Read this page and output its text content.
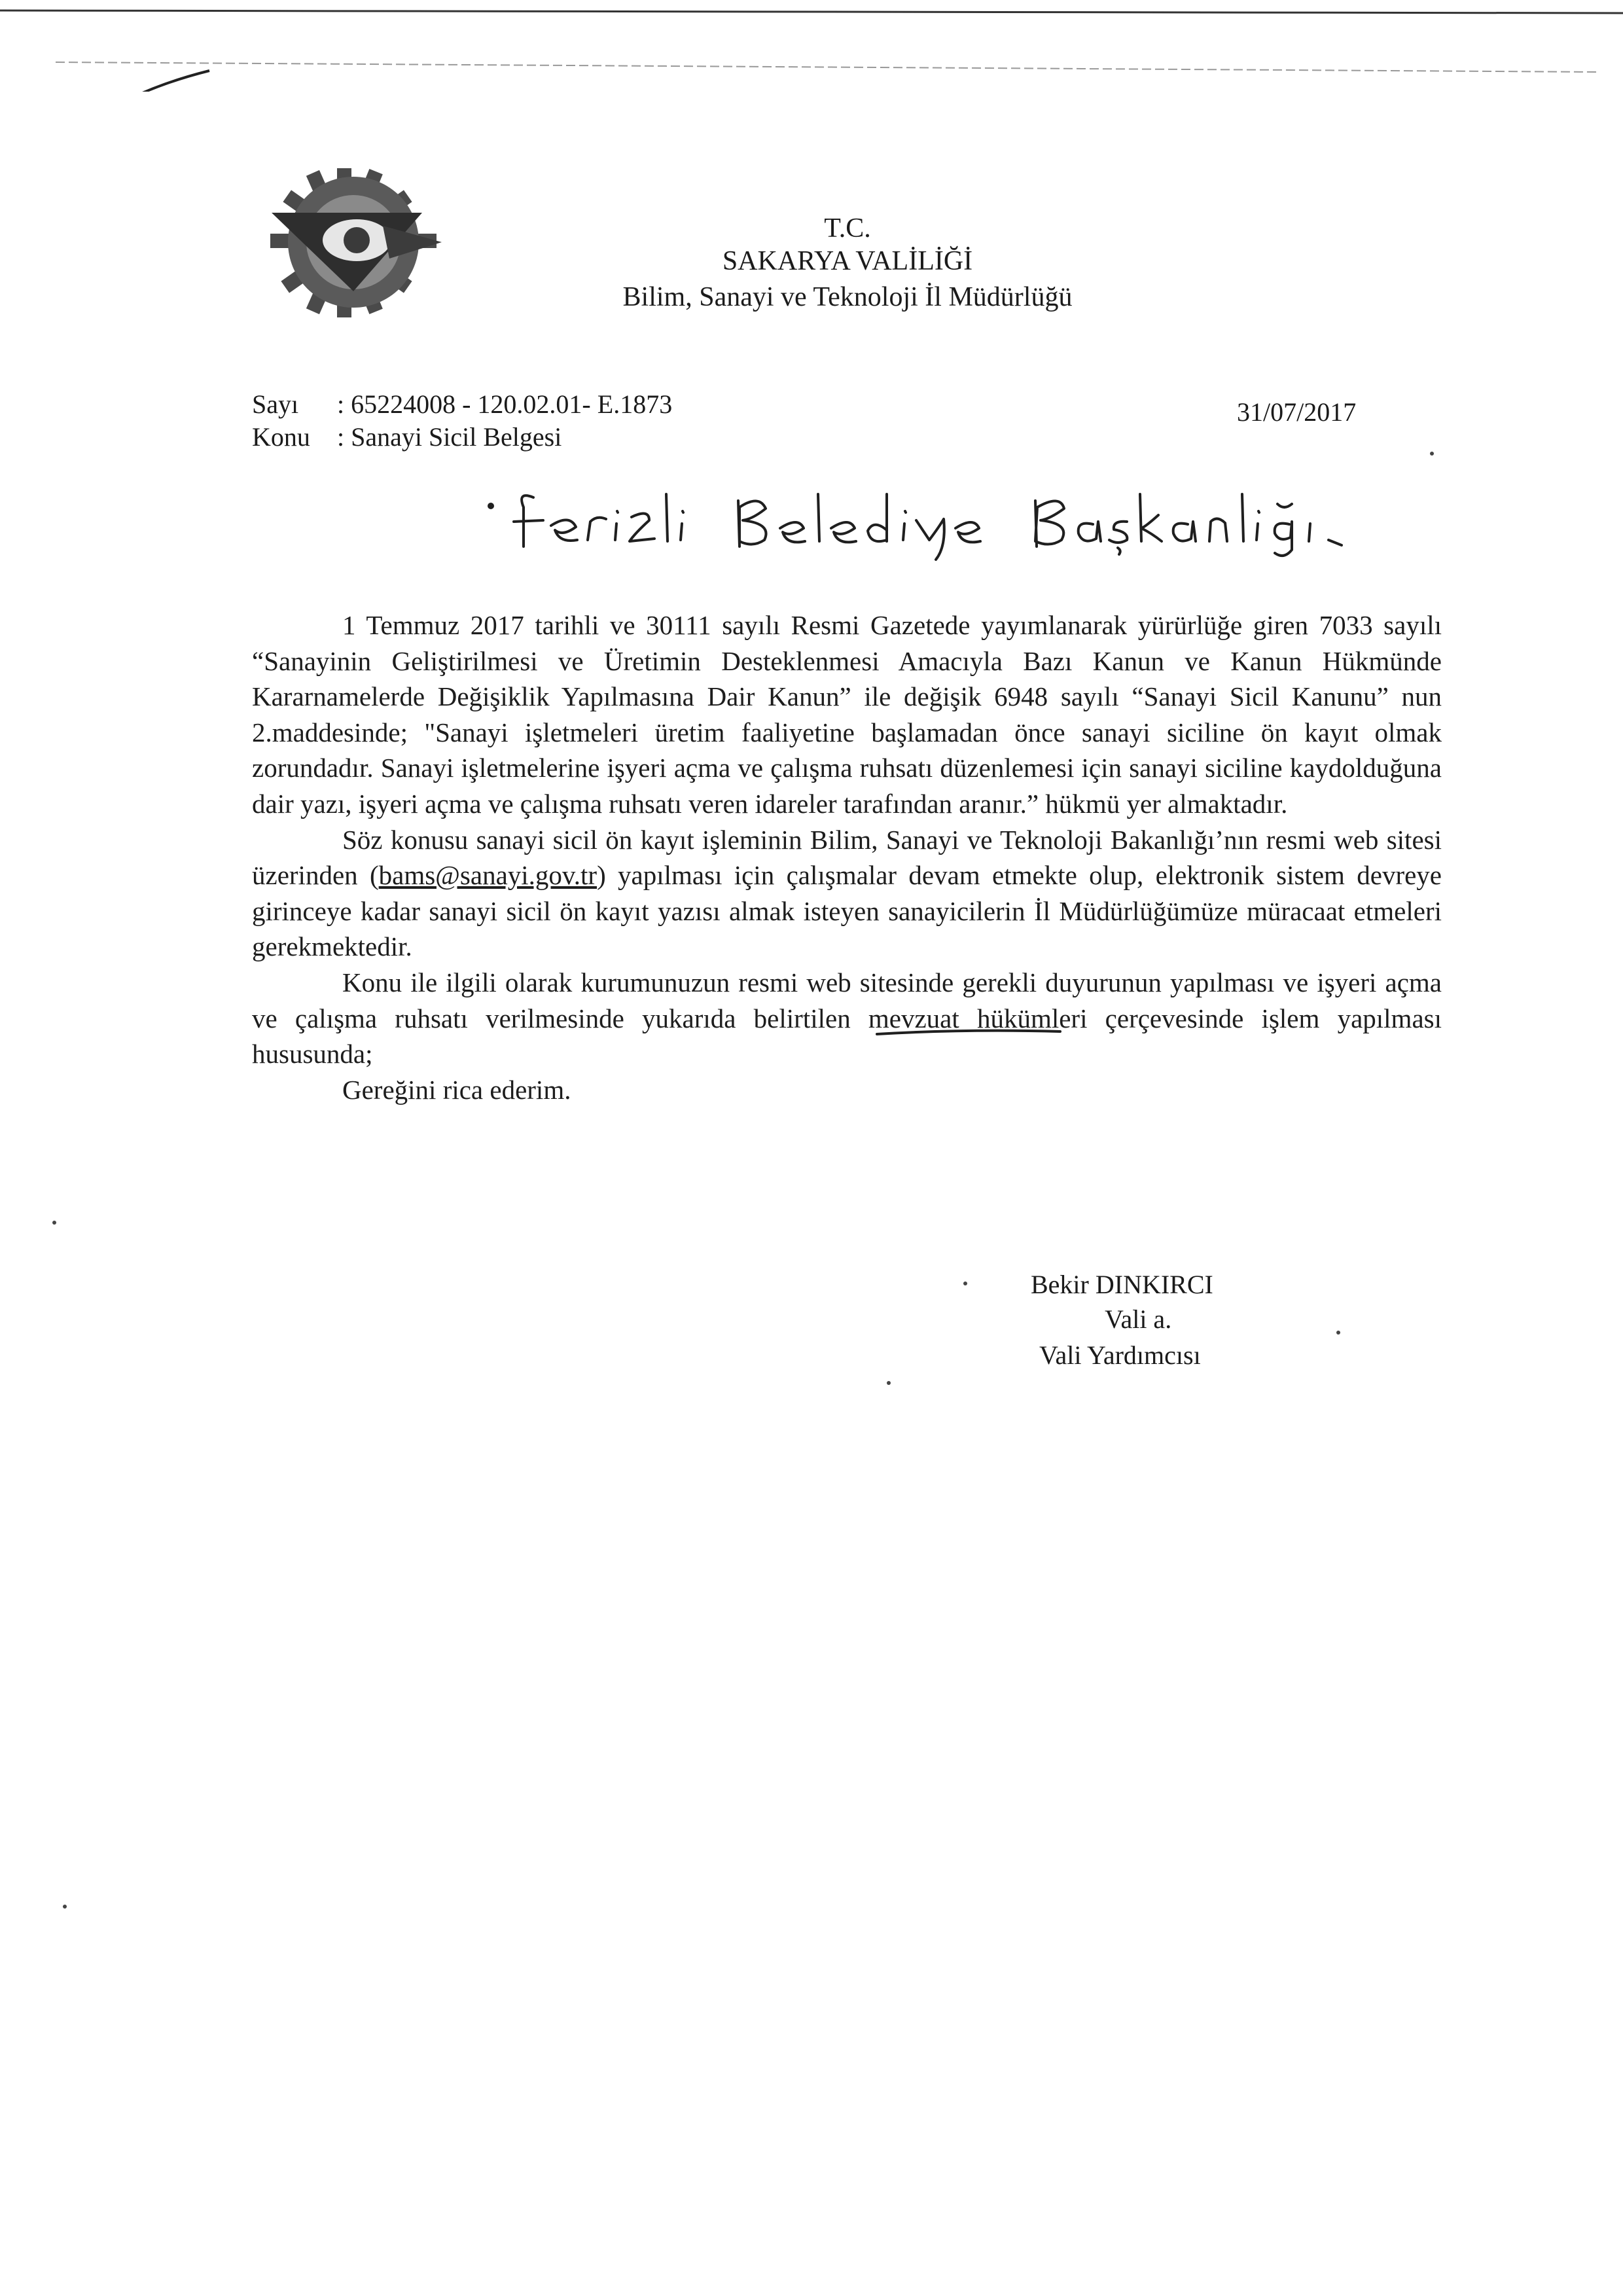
T.C.
SAKARYA VALİLİĞİ
Bilim, Sanayi ve Teknoloji İl Müdürlüğü
Sayı : 65224008 - 120.02.01- E.1873
Konu : Sanayi Sicil Belgesi
31/07/2017

1 Temmuz 2017 tarihli ve 30111 sayılı Resmi Gazetede yayımlanarak yürürlüğe giren 7033 sayılı “Sanayinin Geliştirilmesi ve Üretimin Desteklenmesi Amacıyla Bazı Kanun ve Kanun Hükmünde Kararnamelerde Değişiklik Yapılmasına Dair Kanun” ile değişik 6948 sayılı “Sanayi Sicil Kanunu” nun 2.maddesinde; "Sanayi işletmeleri üretim faaliyetine başlamadan önce sanayi siciline ön kayıt olmak zorundadır. Sanayi işletmelerine işyeri açma ve çalışma ruhsatı düzenlemesi için sanayi siciline kaydolduğuna dair yazı, işyeri açma ve çalışma ruhsatı veren idareler tarafından aranır.” hükmü yer almaktadır.

Söz konusu sanayi sicil ön kayıt işleminin Bilim, Sanayi ve Teknoloji Bakanlığı’nın resmi web sitesi üzerinden (bams@sanayi.gov.tr) yapılması için çalışmalar devam etmekte olup, elektronik sistem devreye girinceye kadar sanayi sicil ön kayıt yazısı almak isteyen sanayicilerin İl Müdürlüğümüze müracaat etmeleri gerekmektedir.

Konu ile ilgili olarak kurumunuzun resmi web sitesinde gerekli duyurunun yapılması ve işyeri açma ve çalışma ruhsatı verilmesinde yukarıda belirtilen mevzuat hükümleri çerçevesinde işlem yapılması hususunda;

Gereğini rica ederim.

Bekir DINKIRCI
Vali a.
Vali Yardımcısı
